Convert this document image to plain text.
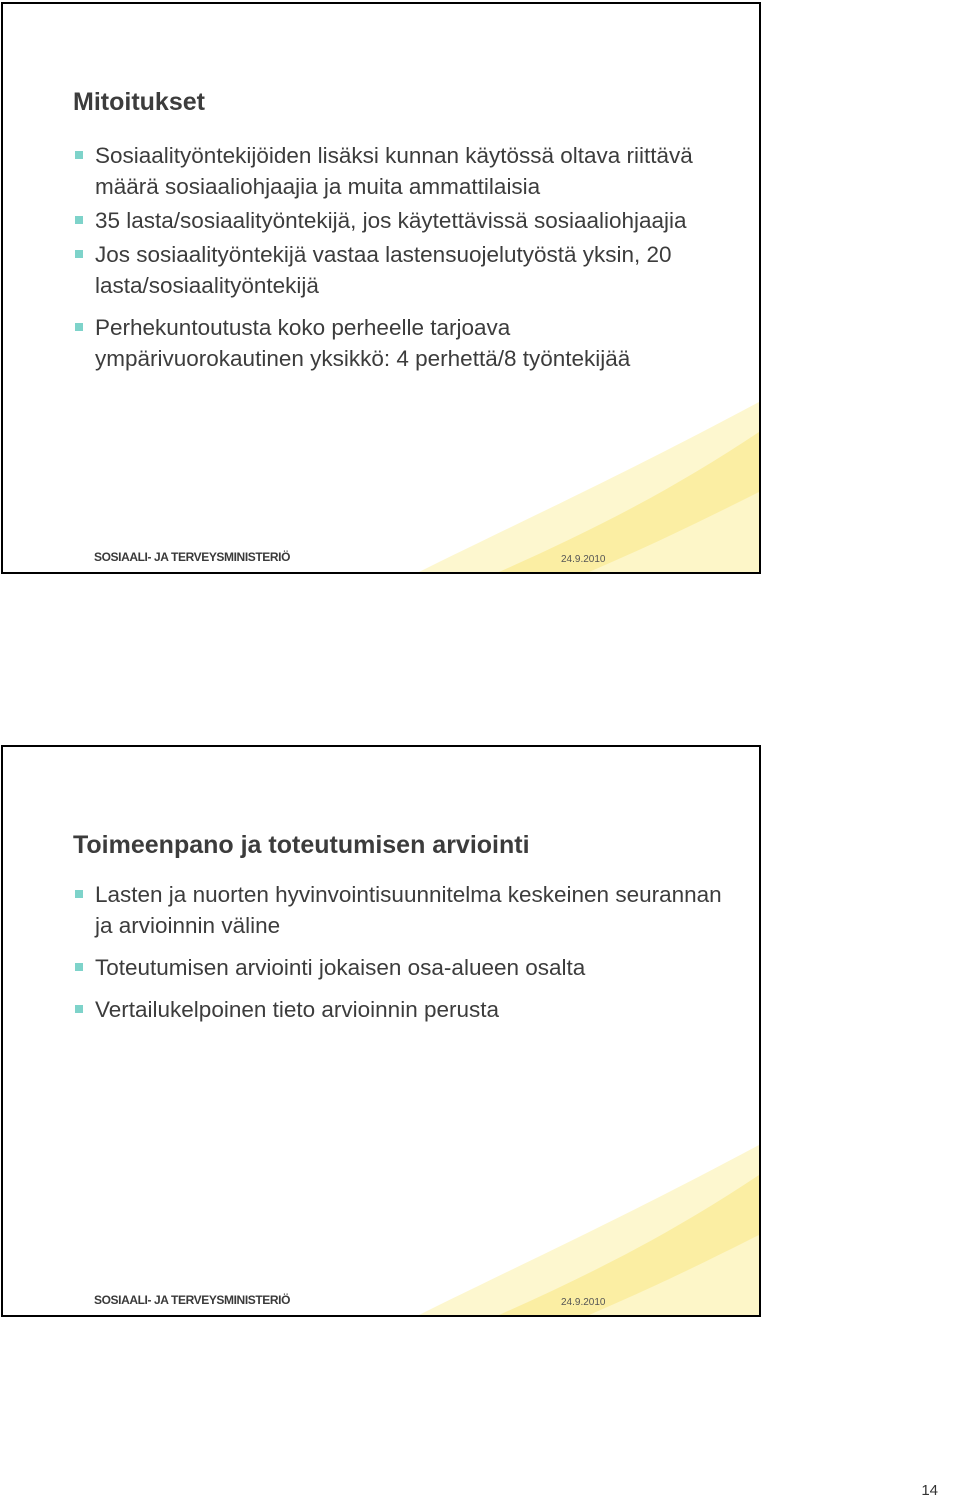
Mitoitukset
Sosiaalityöntekijöiden lisäksi kunnan käytössä oltava riittävä määrä sosiaaliohjaajia ja muita ammattilaisia
35 lasta/sosiaalityöntekijä, jos käytettävissä sosiaaliohjaajia
Jos sosiaalityöntekijä vastaa lastensuojelutyöstä yksin, 20 lasta/sosiaalityöntekijä
Perhekuntoutusta koko perheelle tarjoava ympärivuorokautinen yksikkö: 4 perhettä/8 työntekijää
SOSIAALI- JA TERVEYSMINISTERIÖ	24.9.2010
Toimeenpano ja toteutumisen arviointi
Lasten ja nuorten hyvinvointisuunnitelma keskeinen seurannan ja arvioinnin väline
Toteutumisen arviointi jokaisen osa-alueen osalta
Vertailukelpoinen tieto arvioinnin perusta
SOSIAALI- JA TERVEYSMINISTERIÖ	24.9.2010
14
